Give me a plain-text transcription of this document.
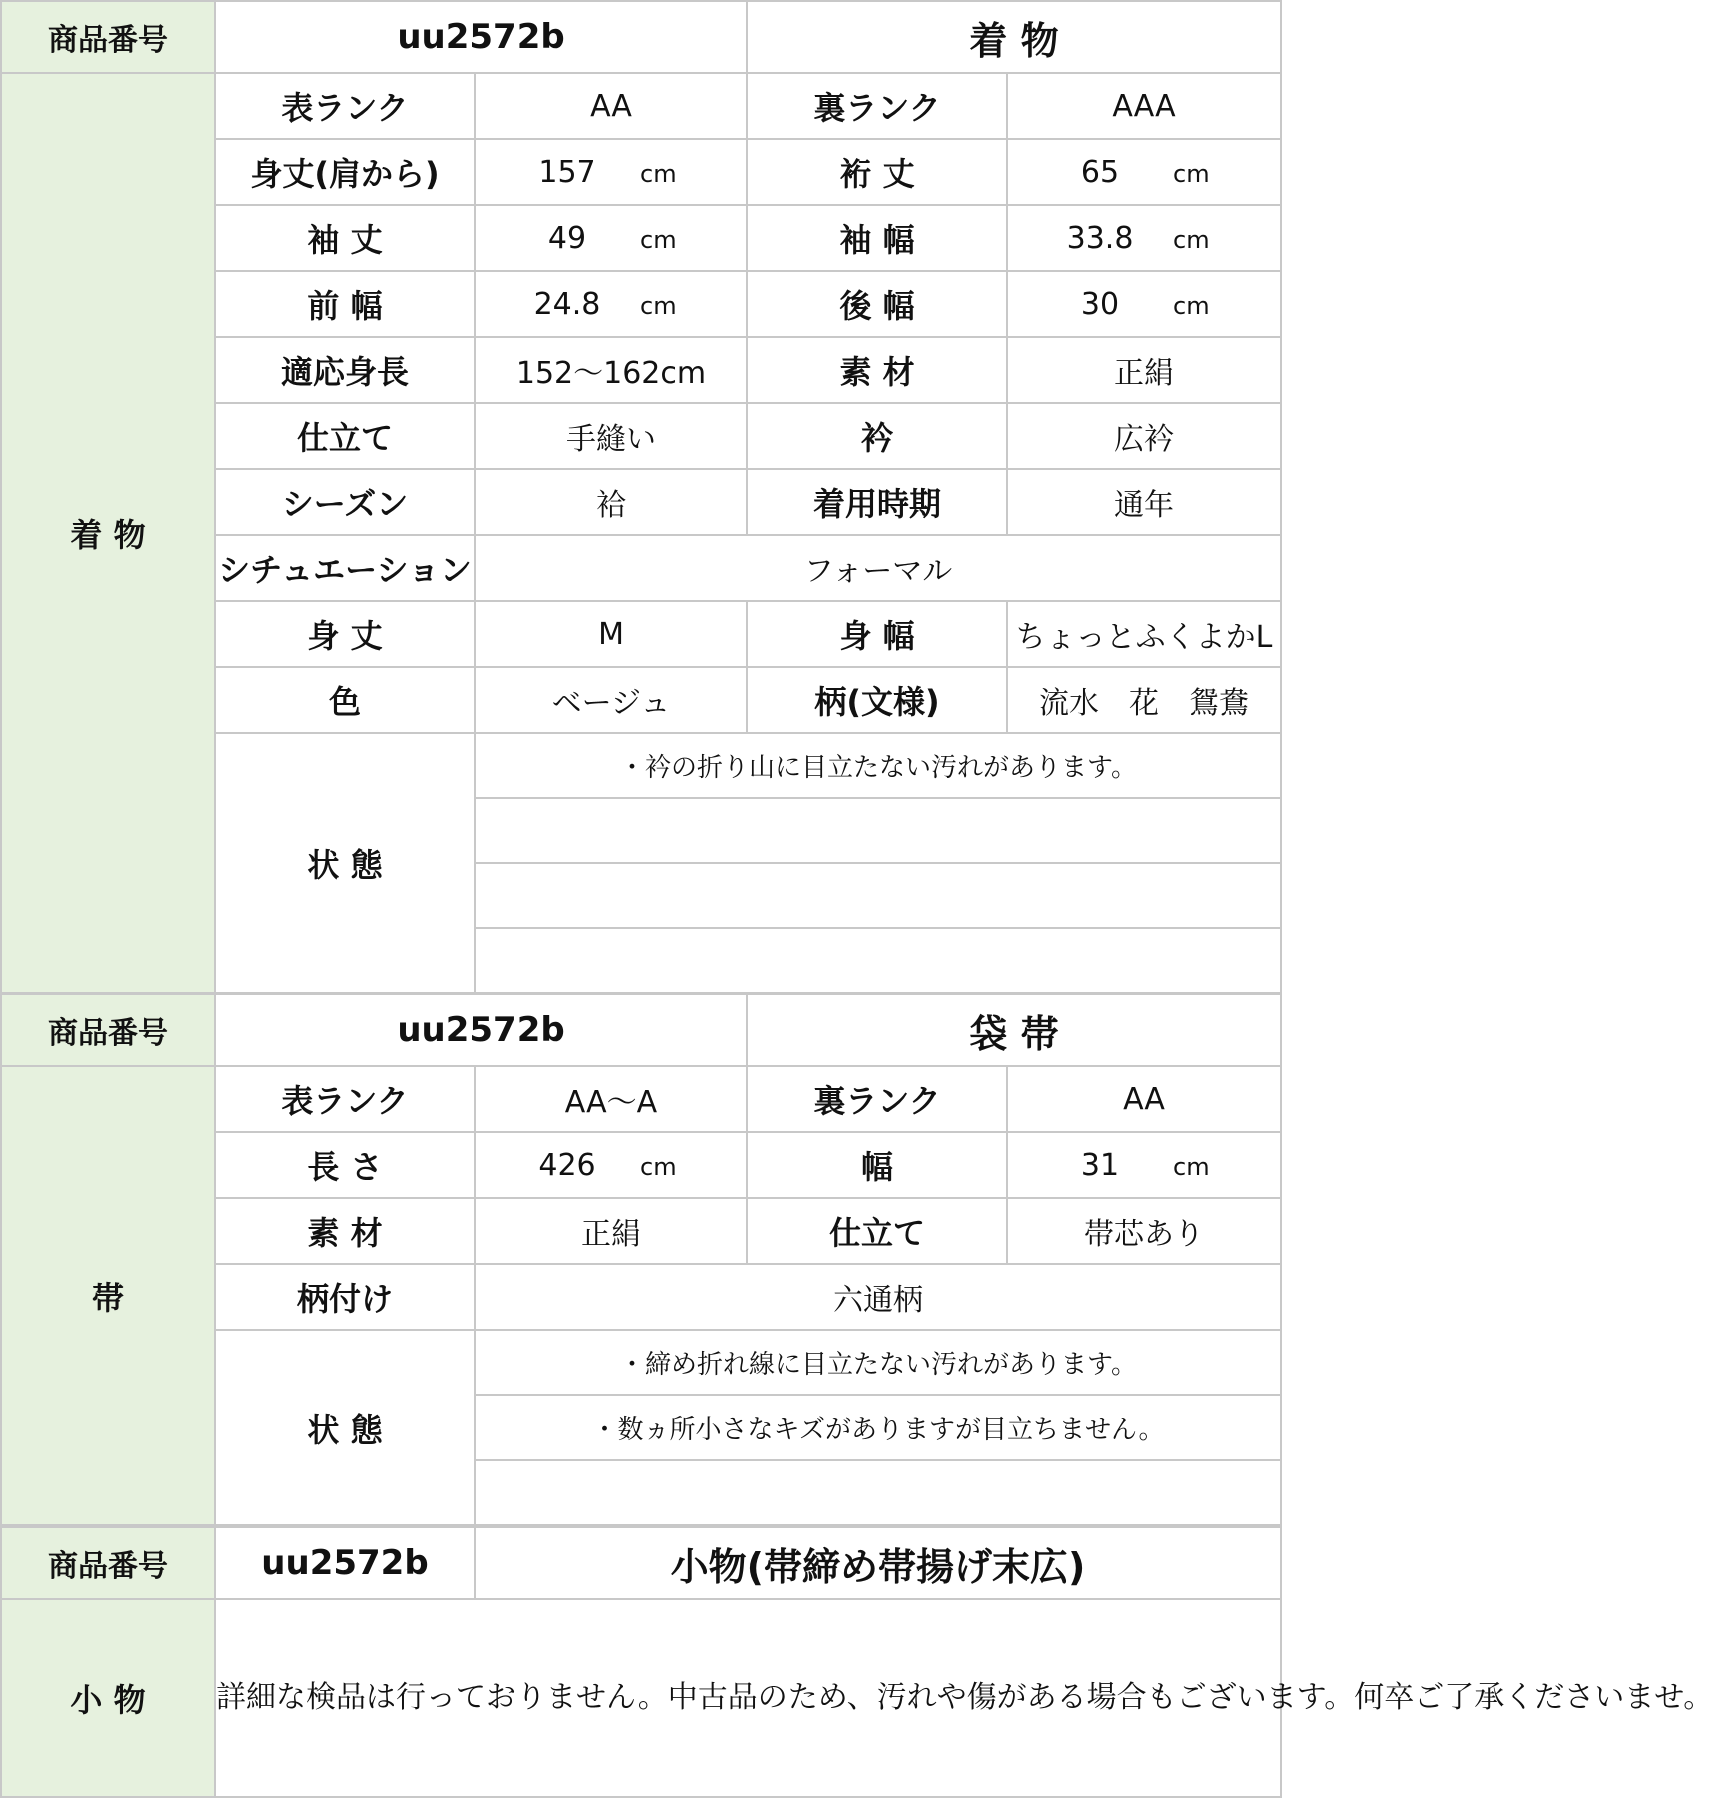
商品番号	uu2572b		着 物	
着 物	表ランク	AA	裏ランク	AAA
	身丈(肩から)	157 cm	裄 丈	65 cm
	袖 丈	49 cm	袖 幅	33.8 cm
	前 幅	24.8 cm	後 幅	30 cm
	適応身長	152〜162cm	素 材	正絹
	仕立て	手縫い	衿	広衿
	シーズン	袷	着用時期	通年
	シチュエーション	フォーマル		
	身 丈	M	身 幅	ちょっとふくよかL
	色	ベージュ	柄(文様)	流水　花　鴛鴦
	状 態	・衿の折り山に目立たない汚れがあります。		

商品番号	uu2572b		袋 帯	
帯	表ランク	AA〜A	裏ランク	AA
	長 さ	426 cm	幅	31 cm
	素 材	正絹	仕立て	帯芯あり
	柄付け	六通柄		
	状 態	・締め折れ線に目立たない汚れがあります。		
		・数ヵ所小さなキズがありますが目立ちません。		

商品番号	uu2572b	小物(帯締め帯揚げ末広)
小 物	詳細な検品は行っておりません。中古品のため、汚れや傷がある場合もございます。何卒ご了承くださいませ。	
